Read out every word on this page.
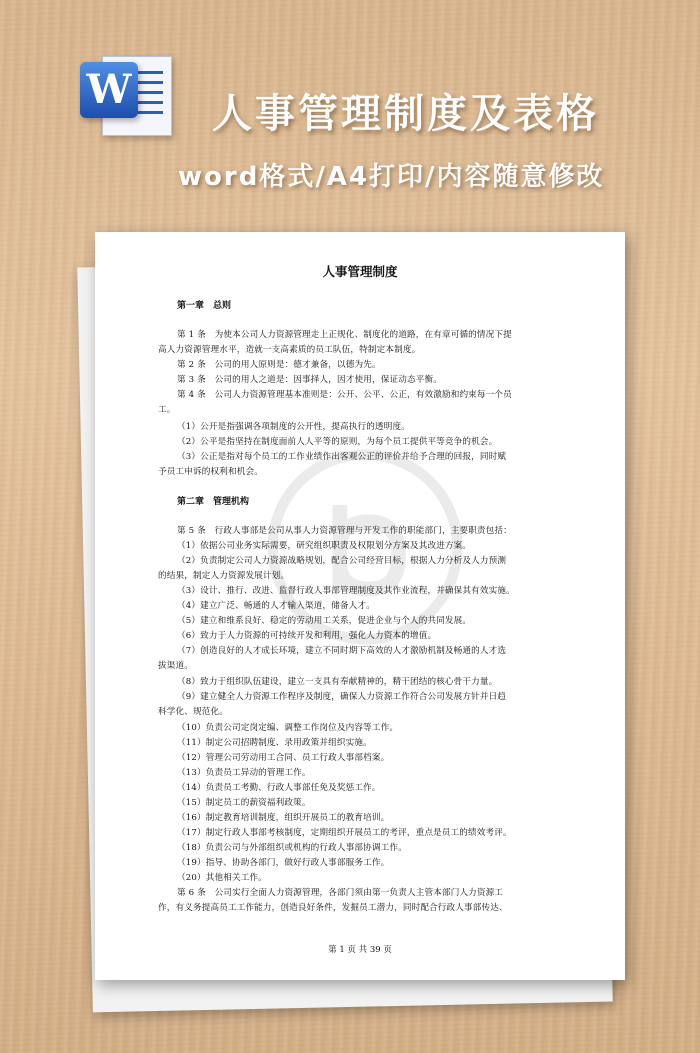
W
人事管理制度及表格
word格式/A4打印/内容随意修改
人事管理制度
第一章　总则
第 1 条　为使本公司人力资源管理走上正规化、制度化的道路，在有章可循的情况下提
高人力资源管理水平，造就一支高素质的员工队伍，特制定本制度。
第 2 条　公司的用人原则是：德才兼备，以德为先。
第 3 条　公司的用人之道是：因事择人，因才使用，保证动态平衡。
第 4 条　公司人力资源管理基本准则是：公开、公平、公正，有效激励和约束每一个员
工。
（1）公开是指强调各项制度的公开性，提高执行的透明度。
（2）公平是指坚持在制度面前人人平等的原则，为每个员工提供平等竞争的机会。
（3）公正是指对每个员工的工作业绩作出客观公正的评价并给予合理的回报，同时赋
予员工申诉的权利和机会。
第二章　管理机构
第 5 条　行政人事部是公司从事人力资源管理与开发工作的职能部门，主要职责包括：
（1）依据公司业务实际需要，研究组织职责及权限划分方案及其改进方案。
（2）负责制定公司人力资源战略规划，配合公司经营目标，根据人力分析及人力预测
的结果，制定人力资源发展计划。
（3）设计、推行、改进、监督行政人事部管理制度及其作业流程，并确保其有效实施。
（4）建立广泛、畅通的人才输入渠道，储备人才。
（5）建立和维系良好、稳定的劳动用工关系，促进企业与个人的共同发展。
（6）致力于人力资源的可持续开发和利用，强化人力资本的增值。
（7）创造良好的人才成长环境，建立不同时期下高效的人才激励机制及畅通的人才选
拔渠道。
（8）致力于组织队伍建设，建立一支具有奉献精神的，精干团结的核心骨干力量。
（9）建立健全人力资源工作程序及制度，确保人力资源工作符合公司发展方针并日趋
科学化、规范化。
（10）负责公司定岗定编、调整工作岗位及内容等工作。
（11）制定公司招聘制度、录用政策并组织实施。
（12）管理公司劳动用工合同、员工行政人事部档案。
（13）负责员工异动的管理工作。
（14）负责员工考勤、行政人事部任免及奖惩工作。
（15）制定员工的薪资福利政策。
（16）制定教育培训制度，组织开展员工的教育培训。
（17）制定行政人事部考核制度，定期组织开展员工的考评，重点是员工的绩效考评。
（18）负责公司与外部组织或机构的行政人事部协调工作。
（19）指导、协助各部门，做好行政人事部服务工作。
（20）其他相关工作。
第 6 条　公司实行全面人力资源管理，各部门须由第一负责人主管本部门人力资源工
作，有义务提高员工工作能力，创造良好条件，发掘员工潜力，同时配合行政人事部传达、
第 1 页 共 39 页
